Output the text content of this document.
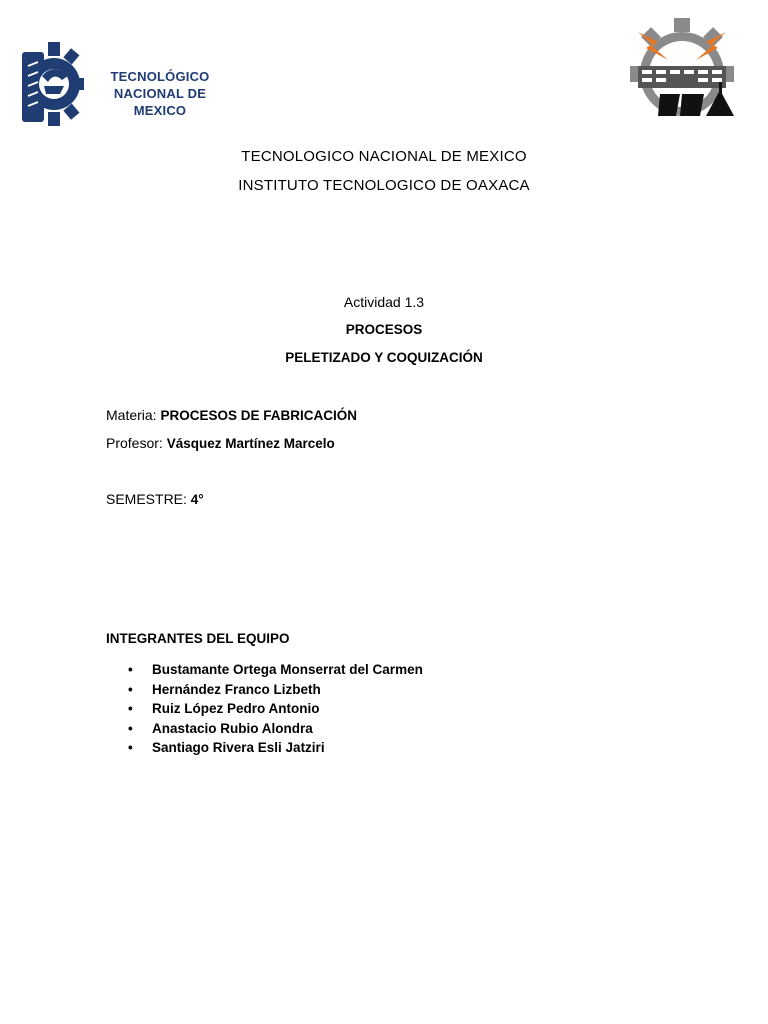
TECNOLÓGICO
NACIONAL DE MEXICO
TECNOLOGICO NACIONAL DE MEXICO
INSTITUTO TECNOLOGICO DE OAXACA
Actividad 1.3
PROCESOS
PELETIZADO Y COQUIZACIÓN
Materia: PROCESOS DE FABRICACIÓN
Profesor: Vásquez Martínez Marcelo
SEMESTRE: 4°
INTEGRANTES DEL EQUIPO
• Bustamante Ortega Monserrat del Carmen
• Hernández Franco Lizbeth
• Ruiz López Pedro Antonio
• Anastacio Rubio Alondra
• Santiago Rivera Esli Jatziri
